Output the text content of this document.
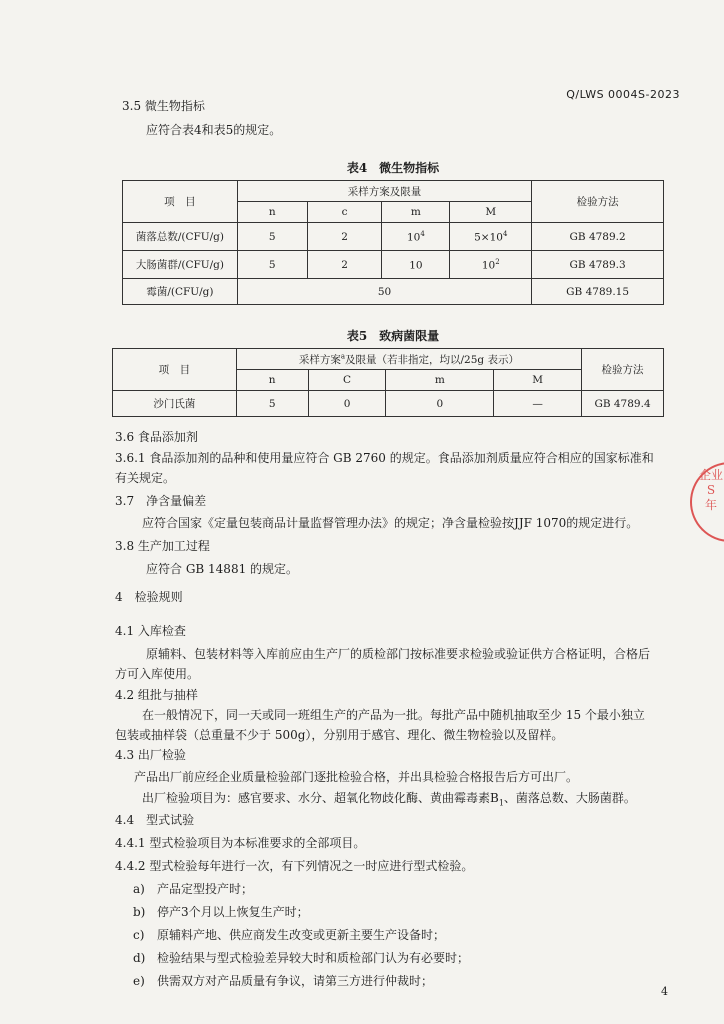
Q/LWS 0004S-2023
3.5 微生物指标
应符合表4和表5的规定。
表4　微生物指标
项　目	采样方案及限量				检验方法
	n	c	m	M	
菌落总数/(CFU/g)	5	2	$10^4$	$5\times 10^4$	GB 4789.2
大肠菌群/(CFU/g)	5	2	10	$10^2$	GB 4789.3
霉菌/(CFU/g)	50				GB 4789.15
表5　致病菌限量
项　目	采样方案$^a$及限量（若非指定，均以/25g 表示）				检验方法
	n	C	m	M	
沙门氏菌	5	0	0	—	GB 4789.4
3.6 食品添加剂
3.6.1 食品添加剂的品种和使用量应符合 GB 2760 的规定。食品添加剂质量应符合相应的国家标准和
有关规定。
3.7　净含量偏差
应符合国家《定量包装商品计量监督管理办法》的规定；净含量检验按JJF 1070的规定进行。
3.8 生产加工过程
应符合 GB 14881 的规定。
4　检验规则
4.1 入库检查
原辅料、包装材料等入库前应由生产厂的质检部门按标准要求检验或验证供方合格证明，合格后
方可入库使用。
4.2 组批与抽样
在一般情况下，同一天或同一班组生产的产品为一批。每批产品中随机抽取至少 15 个最小独立
包装或抽样袋（总重量不少于 500g），分别用于感官、理化、微生物检验以及留样。
4.3 出厂检验
产品出厂前应经企业质量检验部门逐批检验合格，并出具检验合格报告后方可出厂。
出厂检验项目为：感官要求、水分、超氧化物歧化酶、黄曲霉毒素$B_1$、菌落总数、大肠菌群。
4.4　型式试验
4.4.1 型式检验项目为本标准要求的全部项目。
4.4.2 型式检验每年进行一次，有下列情况之一时应进行型式检验。
a) 产品定型投产时；
b) 停产3个月以上恢复生产时；
c) 原辅料产地、供应商发生改变或更新主要生产设备时；
d) 检验结果与型式检验差异较大时和质检部门认为有必要时；
e) 供需双方对产品质量有争议，请第三方进行仲裁时；
企业
S
年
4
